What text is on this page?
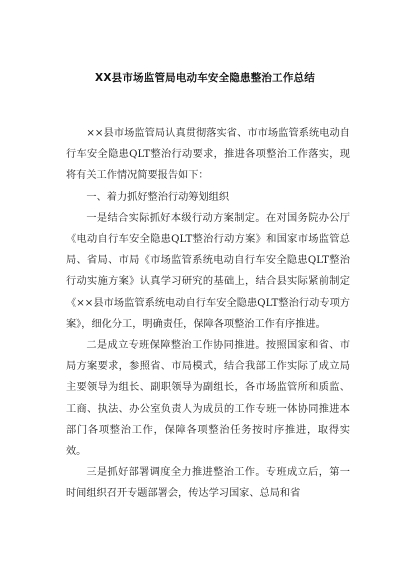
XX县市场监管局电动车安全隐患整治工作总结

××县市场监管局认真贯彻落实省、市市场监管系统电动自行车安全隐患QLT整治行动要求，推进各项整治工作落实，现将有关工作情况简要报告如下：

一、着力抓好整治行动筹划组织

一是结合实际抓好本级行动方案制定。在对国务院办公厅《电动自行车安全隐患QLT整治行动方案》和国家市场监管总局、省局、市局《市场监管系统电动自行车安全隐患QLT整治行动实施方案》认真学习研究的基础上，结合县实际紧前制定《××县市场监管系统电动自行车安全隐患QLT整治行动专项方案》，细化分工，明确责任，保障各项整治工作有序推进。

二是成立专班保障整治工作协同推进。按照国家和省、市局方案要求，参照省、市局模式，结合我部工作实际了成立局主要领导为组长、副职领导为副组长，各市场监管所和质监、工商、执法、办公室负责人为成员的工作专班一体协同推进本部门各项整治工作，保障各项整治任务按时序推进，取得实效。

三是抓好部署调度全力推进整治工作。专班成立后，第一时间组织召开专题部署会，传达学习国家、总局和省
